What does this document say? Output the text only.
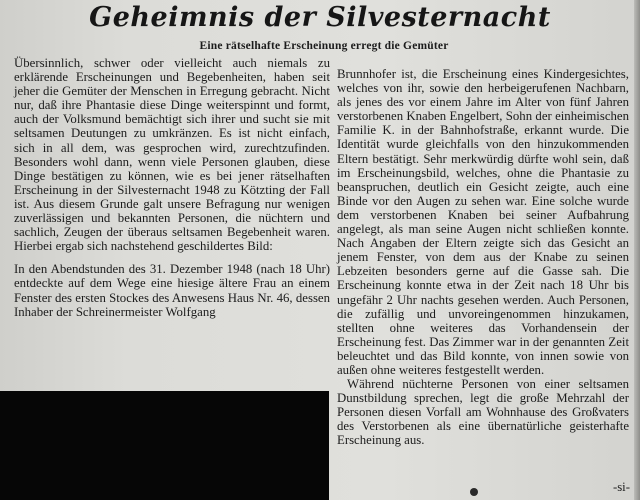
Geheimnis der Silvesternacht
Eine rätselhafte Erscheinung erregt die Gemüter

Übersinnlich, schwer oder vielleicht auch niemals zu erklärende Erscheinungen und Begebenheiten, haben seit jeher die Gemüter der Menschen in Erregung gebracht. Nicht nur, daß ihre Phantasie diese Dinge weiterspinnt und formt, auch der Volksmund bemächtigt sich ihrer und sucht sie mit seltsamen Deutungen zu umkränzen. Es ist nicht einfach, sich in all dem, was gesprochen wird, zurechtzufinden. Besonders wohl dann, wenn viele Personen glauben, diese Dinge bestätigen zu können, wie es bei jener rätselhaften Erscheinung in der Silvesternacht 1948 zu Kötzting der Fall ist. Aus diesem Grunde galt unsere Befragung nur wenigen zuverlässigen und bekannten Personen, die nüchtern und sachlich, Zeugen der überaus seltsamen Begebenheit waren. Hierbei ergab sich nachstehend geschildertes Bild:

In den Abendstunden des 31. Dezember 1948 (nach 18 Uhr) entdeckte auf dem Wege eine hiesige ältere Frau an einem Fenster des ersten Stockes des Anwesens Haus Nr. 46, dessen Inhaber der Schreinermeister Wolfgang

Brunnhofer ist, die Erscheinung eines Kindergesichtes, welches von ihr, sowie den herbeigerufenen Nachbarn, als jenes des vor einem Jahre im Alter von fünf Jahren verstorbenen Knaben Engelbert, Sohn der einheimischen Familie K. in der Bahnhofstraße, erkannt wurde. Die Identität wurde gleichfalls von den hinzukommenden Eltern bestätigt. Sehr merkwürdig dürfte wohl sein, daß im Erscheinungsbild, welches, ohne die Phantasie zu beanspruchen, deutlich ein Gesicht zeigte, auch eine Binde vor den Augen zu sehen war. Eine solche wurde dem verstorbenen Knaben bei seiner Aufbahrung angelegt, als man seine Augen nicht schließen konnte. Nach Angaben der Eltern zeigte sich das Gesicht an jenem Fenster, von dem aus der Knabe zu seinen Lebzeiten besonders gerne auf die Gasse sah. Die Erscheinung konnte etwa in der Zeit nach 18 Uhr bis ungefähr 2 Uhr nachts gesehen werden. Auch Personen, die zufällig und unvoreingenommen hinzukamen, stellten ohne weiteres das Vorhandensein der Erscheinung fest. Das Zimmer war in der genannten Zeit beleuchtet und das Bild konnte, von innen sowie von außen ohne weiteres festgestellt werden.

Während nüchterne Personen von einer seltsamen Dunstbildung sprechen, legt die große Mehrzahl der Personen diesen Vorfall am Wohnhause des Großvaters des Verstorbenen als eine übernatürliche geisterhafte Erscheinung aus.

-si-
